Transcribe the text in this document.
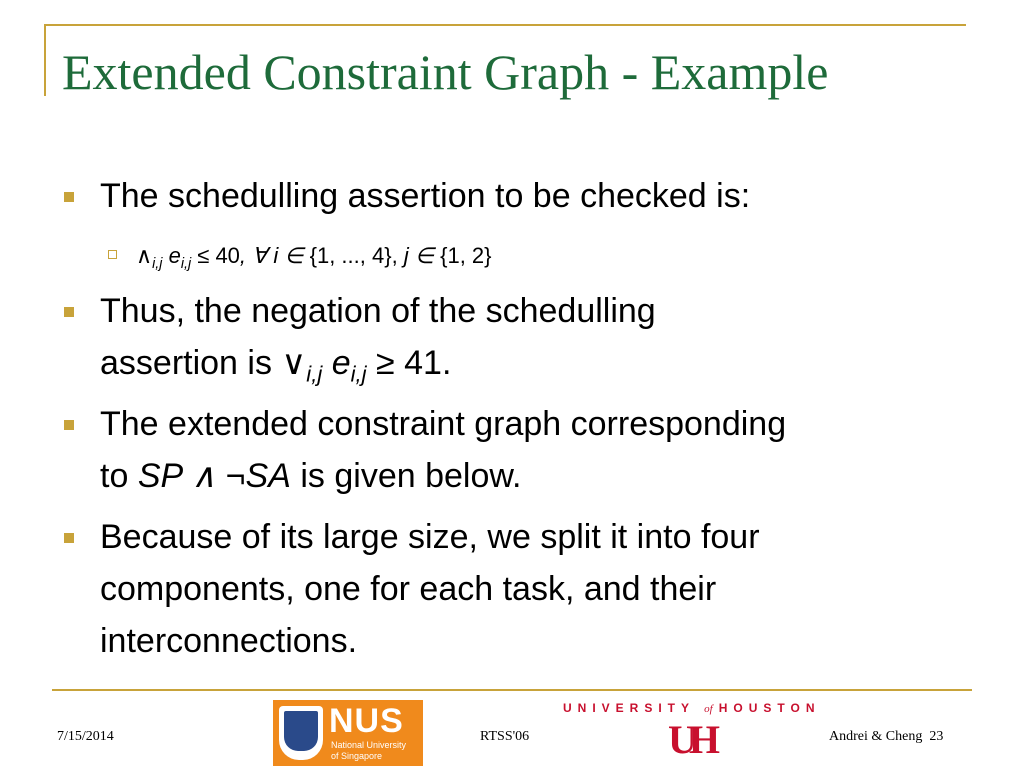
Extended Constraint Graph - Example
The schedulling assertion to be checked is:
$\wedge_{i,j}$ $e_{i,j} \le 40$, ∀ i ∈ {1, ..., 4}, j ∈ {1, 2}
Thus, the negation of the schedulling
assertion is $\vee_{i,j}$ $e_{i,j} \ge 41$.
The extended constraint graph corresponding
to SP ∧ ¬SA is given below.
Because of its large size, we split it into four
components, one for each task, and their
interconnections.
7/15/2014	NUS
National University
of Singapore
RTSS'06
UNIVERSITY of HOUSTON
UH	Andrei & Cheng 23
